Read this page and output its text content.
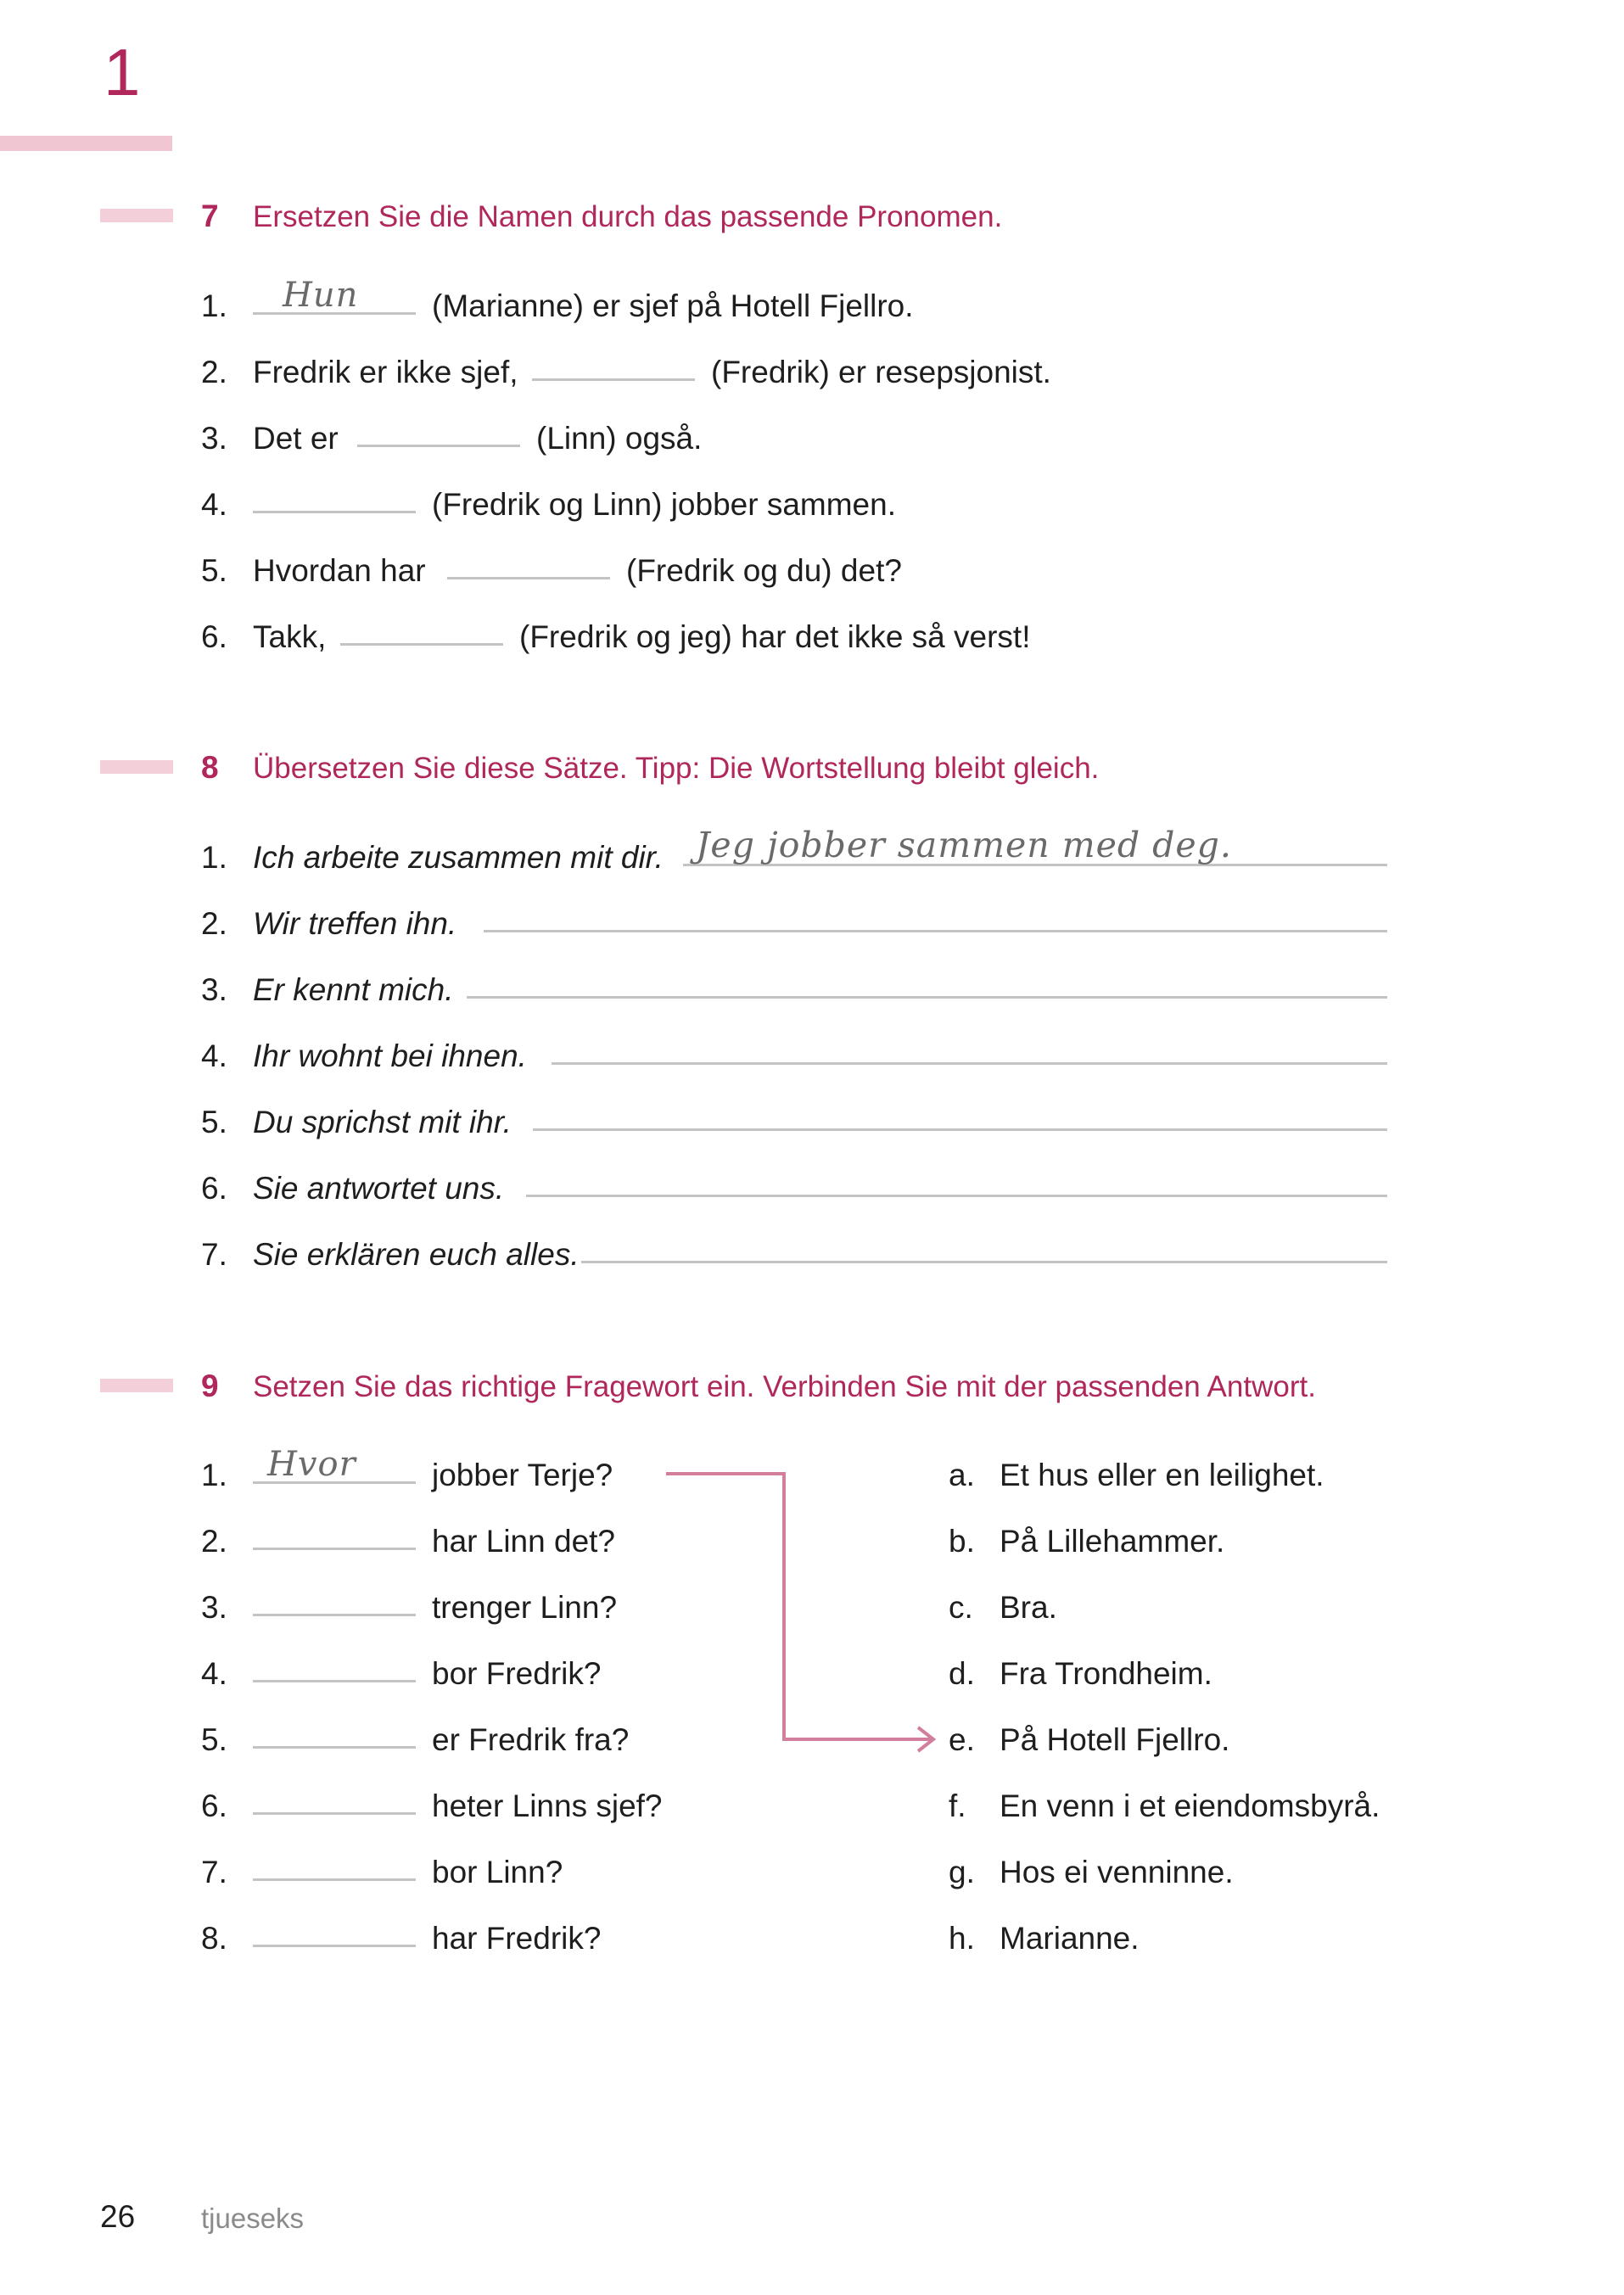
1
7 Ersetzen Sie die Namen durch das passende Pronomen.
1. Hun (Marianne) er sjef på Hotell Fjellro.
2. Fredrik er ikke sjef,	(Fredrik) er resepsjonist.
3. Det er	(Linn) også.
4.	(Fredrik og Linn) jobber sammen.
5. Hvordan har	(Fredrik og du) det?
6. Takk,	(Fredrik og jeg) har det ikke så verst!
8 Übersetzen Sie diese Sätze. Tipp: Die Wortstellung bleibt gleich.
1. Ich arbeite zusammen mit dir. Jeg jobber sammen med deg.
2. Wir treffen ihn.
3. Er kennt mich.
4. Ihr wohnt bei ihnen.
5. Du sprichst mit ihr.
6. Sie antwortet uns.
7. Sie erklären euch alles.
9 Setzen Sie das richtige Fragewort ein. Verbinden Sie mit der passenden Antwort.
1. Hvor jobber Terje?
2.	har Linn det?
3.	trenger Linn?
4.	bor Fredrik?
5.	er Fredrik fra?
6.	heter Linns sjef?
7.	bor Linn?
8.	har Fredrik?
a. Et hus eller en leilighet.
b. På Lillehammer.
c. Bra.
d. Fra Trondheim.
e. På Hotell Fjellro.
f. En venn i et eiendomsbyrå.
g. Hos ei venninne.
h. Marianne.
26 tjueseks
